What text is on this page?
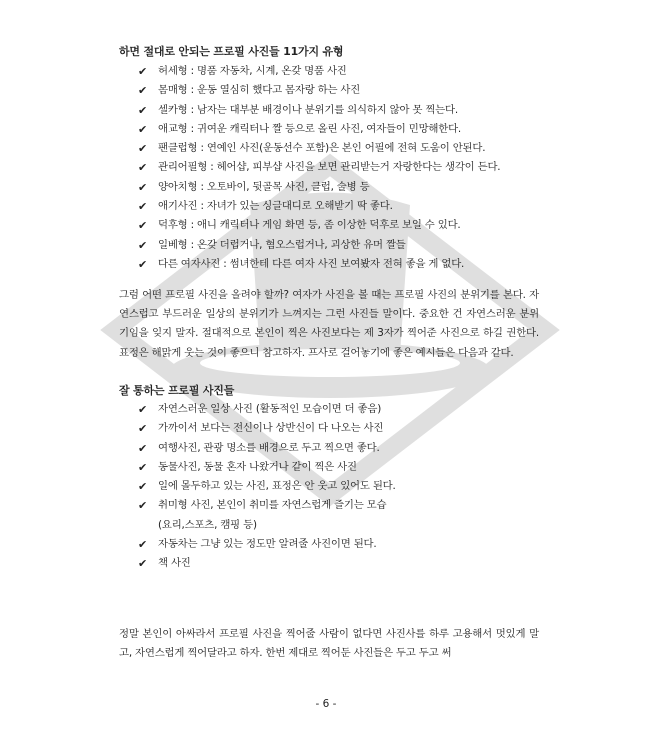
하면 절대로 안되는 프로필 사진들 11가지 유형
✔ 허세형 : 명품 자동차, 시계, 온갖 명품 사진
✔ 몸매형 : 운동 열심히 했다고 몸자랑 하는 사진
✔ 셀카형 : 남자는 대부분 배경이나 분위기를 의식하지 않아 못 찍는다.
✔ 애교형 : 귀여운 캐릭터나 짤 등으로 올린 사진, 여자들이 민망해한다.
✔ 팬클럽형 : 연예인 사진(운동선수 포함)은 본인 어필에 전혀 도움이 안된다.
✔ 관리어필형 : 헤어샵, 피부샵 사진을 보면 관리받는거 자랑한다는 생각이 든다.
✔ 양아치형 : 오토바이, 뒷골목 사진, 클럽, 술병 등
✔ 애기사진 : 자녀가 있는 싱글대디로 오해받기 딱 좋다.
✔ 덕후형 : 애니 캐릭터나 게임 화면 등, 좀 이상한 덕후로 보일 수 있다.
✔ 일베형 : 온갖 더럽거나, 혐오스럽거나, 괴상한 유머 짤들
✔ 다른 여자사진 : 썸녀한테 다른 여자 사진 보여봤자 전혀 좋을 게 없다.

그럼 어떤 프로필 사진을 올려야 할까? 여자가 사진을 볼 때는 프로필 사진의 분위기를 본다. 자연스럽고 부드러운 일상의 분위기가 느껴지는 그런 사진들 말이다. 중요한 건 자연스러운 분위기임을 잊지 말자. 절대적으로 본인이 찍은 사진보다는 제 3자가 찍어준 사진으로 하길 권한다. 표정은 해맑게 웃는 것이 좋으니 참고하자. 프사로 걸어놓기에 좋은 예시들은 다음과 같다.

잘 통하는 프로필 사진들
✔ 자연스러운 일상 사진 (활동적인 모습이면 더 좋음)
✔ 가까이서 보다는 전신이나 상반신이 다 나오는 사진
✔ 여행사진, 관광 명소를 배경으로 두고 찍으면 좋다.
✔ 동물사진, 동물 혼자 나왔거나 같이 찍은 사진
✔ 일에 몰두하고 있는 사진, 표정은 안 웃고 있어도 된다.
✔ 취미형 사진, 본인이 취미를 자연스럽게 즐기는 모습
(요리,스포츠, 캠핑 등)
✔ 자동차는 그냥 있는 정도만 알려줄 사진이면 된다.
✔ 책 사진

정말 본인이 아싸라서 프로필 사진을 찍어줄 사람이 없다면 사진사를 하루 고용해서 멋있게 말고, 자연스럽게 찍어달라고 하자. 한번 제대로 찍어둔 사진들은 두고 두고 써

- 6 -
